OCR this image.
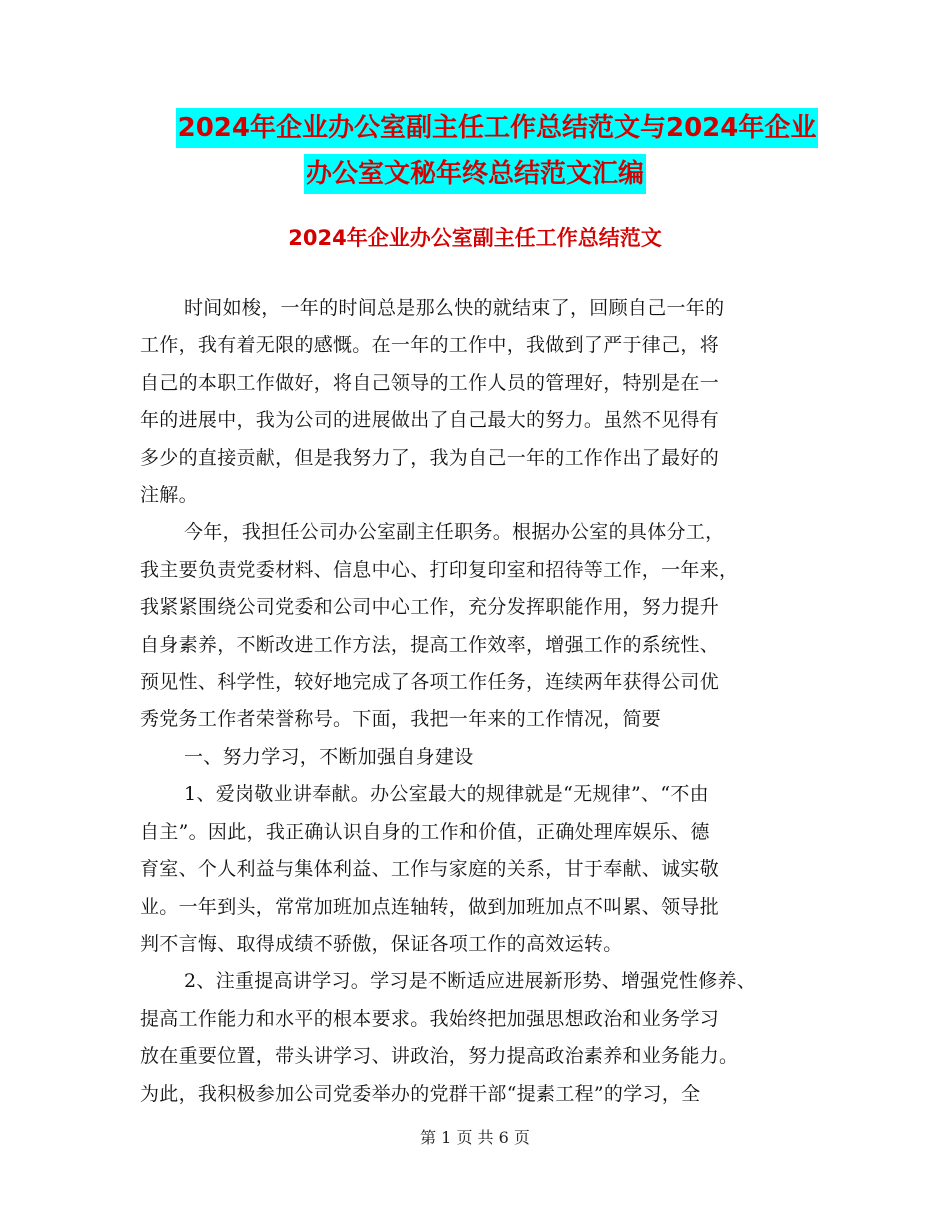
2024年企业办公室副主任工作总结范文与2024年企业
办公室文秘年终总结范文汇编
2024年企业办公室副主任工作总结范文

时间如梭，一年的时间总是那么快的就结束了，回顾自己一年的

工作，我有着无限的感慨。在一年的工作中，我做到了严于律己，将

自己的本职工作做好，将自己领导的工作人员的管理好，特别是在一

年的进展中，我为公司的进展做出了自己最大的努力。虽然不见得有

多少的直接贡献，但是我努力了，我为自己一年的工作作出了最好的

注解。

今年，我担任公司办公室副主任职务。根据办公室的具体分工，

我主要负责党委材料、信息中心、打印复印室和招待等工作，一年来，

我紧紧围绕公司党委和公司中心工作，充分发挥职能作用，努力提升

自身素养，不断改进工作方法，提高工作效率，增强工作的系统性、

预见性、科学性，较好地完成了各项工作任务，连续两年获得公司优

秀党务工作者荣誉称号。下面，我把一年来的工作情况，简要

一、努力学习，不断加强自身建设

1、爱岗敬业讲奉献。办公室最大的规律就是“无规律”、“不由

自主”。因此，我正确认识自身的工作和价值，正确处理库娱乐、德

育室、个人利益与集体利益、工作与家庭的关系，甘于奉献、诚实敬

业。一年到头，常常加班加点连轴转，做到加班加点不叫累、领导批

判不言悔、取得成绩不骄傲，保证各项工作的高效运转。

2、注重提高讲学习。学习是不断适应进展新形势、增强党性修养、

提高工作能力和水平的根本要求。我始终把加强思想政治和业务学习

放在重要位置，带头讲学习、讲政治，努力提高政治素养和业务能力。

为此，我积极参加公司党委举办的党群干部“提素工程”的学习，全

第 1 页 共 6 页
